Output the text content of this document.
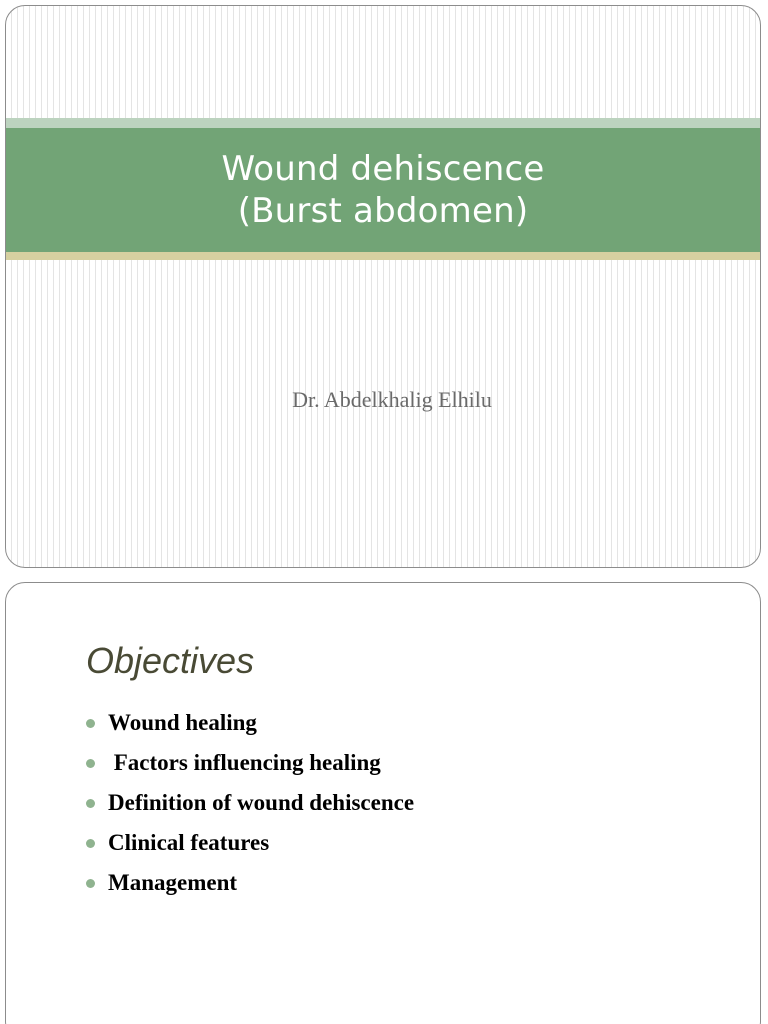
Wound dehiscence
(Burst abdomen)
Dr. Abdelkhalig Elhilu
Objectives
Wound healing
Factors influencing healing
Definition of wound dehiscence
Clinical features
Management
